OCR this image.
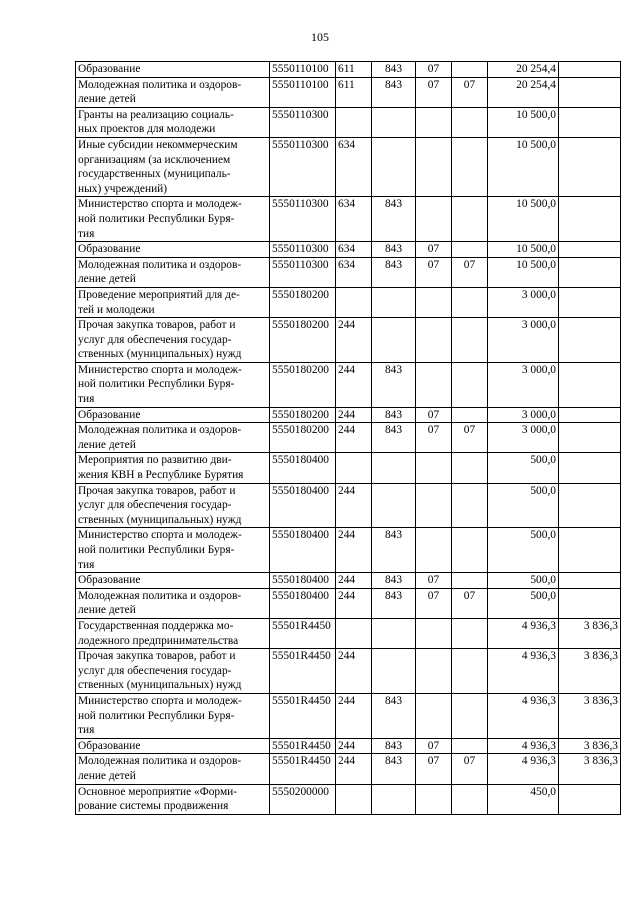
105
Образование	5550110100	611	843	07		20 254,4	

Молодежная политика и оздоров-
ление детей	5550110100	611	843	07	07	20 254,4	

Гранты на реализацию социаль-
ных проектов для молодежи	5550110300					10 500,0	

Иные субсидии некоммерческим
организациям (за исключением
государственных (муниципаль-
ных) учреждений)	5550110300	634				10 500,0	

Министерство спорта и молодеж-
ной политики Республики Буря-
тия	5550110300	634	843			10 500,0	

Образование	5550110300	634	843	07		10 500,0	

Молодежная политика и оздоров-
ление детей	5550110300	634	843	07	07	10 500,0	

Проведение мероприятий для де-
тей и молодежи	5550180200					3 000,0	

Прочая закупка товаров, работ и
услуг для обеспечения государ-
ственных (муниципальных) нужд	5550180200	244				3 000,0	

Министерство спорта и молодеж-
ной политики Республики Буря-
тия	5550180200	244	843			3 000,0	

Образование	5550180200	244	843	07		3 000,0	

Молодежная политика и оздоров-
ление детей	5550180200	244	843	07	07	3 000,0	

Мероприятия по развитию дви-
жения КВН в Республике Бурятия	5550180400					500,0	

Прочая закупка товаров, работ и
услуг для обеспечения государ-
ственных (муниципальных) нужд	5550180400	244				500,0	

Министерство спорта и молодеж-
ной политики Республики Буря-
тия	5550180400	244	843			500,0	

Образование	5550180400	244	843	07		500,0	

Молодежная политика и оздоров-
ление детей	5550180400	244	843	07	07	500,0	

Государственная поддержка мо-
лодежного предпринимательства	55501R4450					4 936,3	3 836,3

Прочая закупка товаров, работ и
услуг для обеспечения государ-
ственных (муниципальных) нужд	55501R4450	244				4 936,3	3 836,3

Министерство спорта и молодеж-
ной политики Республики Буря-
тия	55501R4450	244	843			4 936,3	3 836,3

Образование	55501R4450	244	843	07		4 936,3	3 836,3

Молодежная политика и оздоров-
ление детей	55501R4450	244	843	07	07	4 936,3	3 836,3

Основное мероприятие «Форми-
рование системы продвижения	5550200000					450,0	
